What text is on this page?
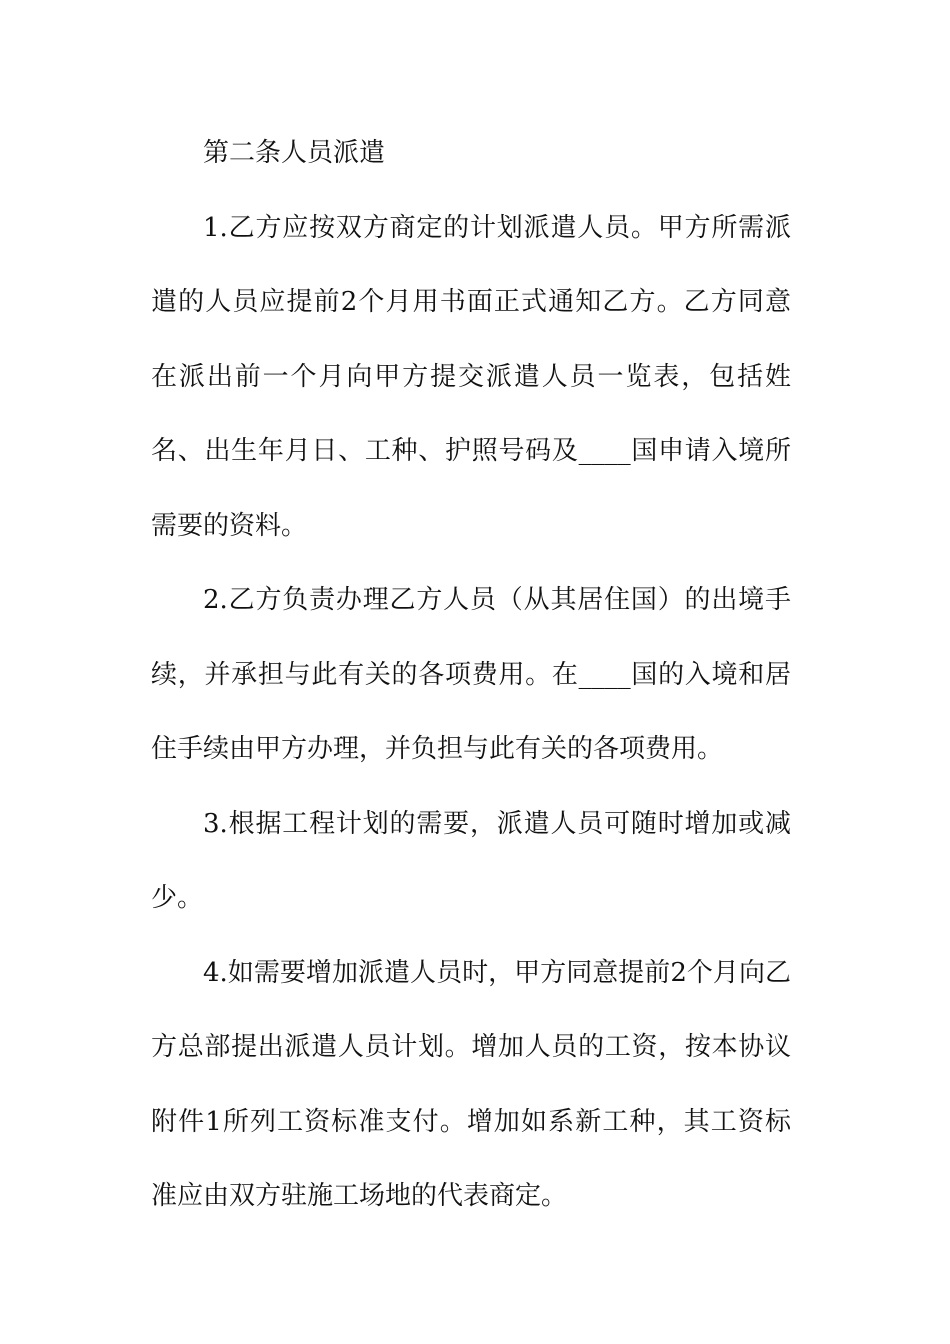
第二条人员派遣

1.乙方应按双方商定的计划派遣人员。甲方所需派遣的人员应提前2个月用书面正式通知乙方。乙方同意在派出前一个月向甲方提交派遣人员一览表，包括姓名、出生年月日、工种、护照号码及____国申请入境所需要的资料。

2.乙方负责办理乙方人员（从其居住国）的出境手续，并承担与此有关的各项费用。在____国的入境和居住手续由甲方办理，并负担与此有关的各项费用。

3.根据工程计划的需要，派遣人员可随时增加或减少。

4.如需要增加派遣人员时，甲方同意提前2个月向乙方总部提出派遣人员计划。增加人员的工资，按本协议附件1所列工资标准支付。增加如系新工种，其工资标准应由双方驻施工场地的代表商定。
